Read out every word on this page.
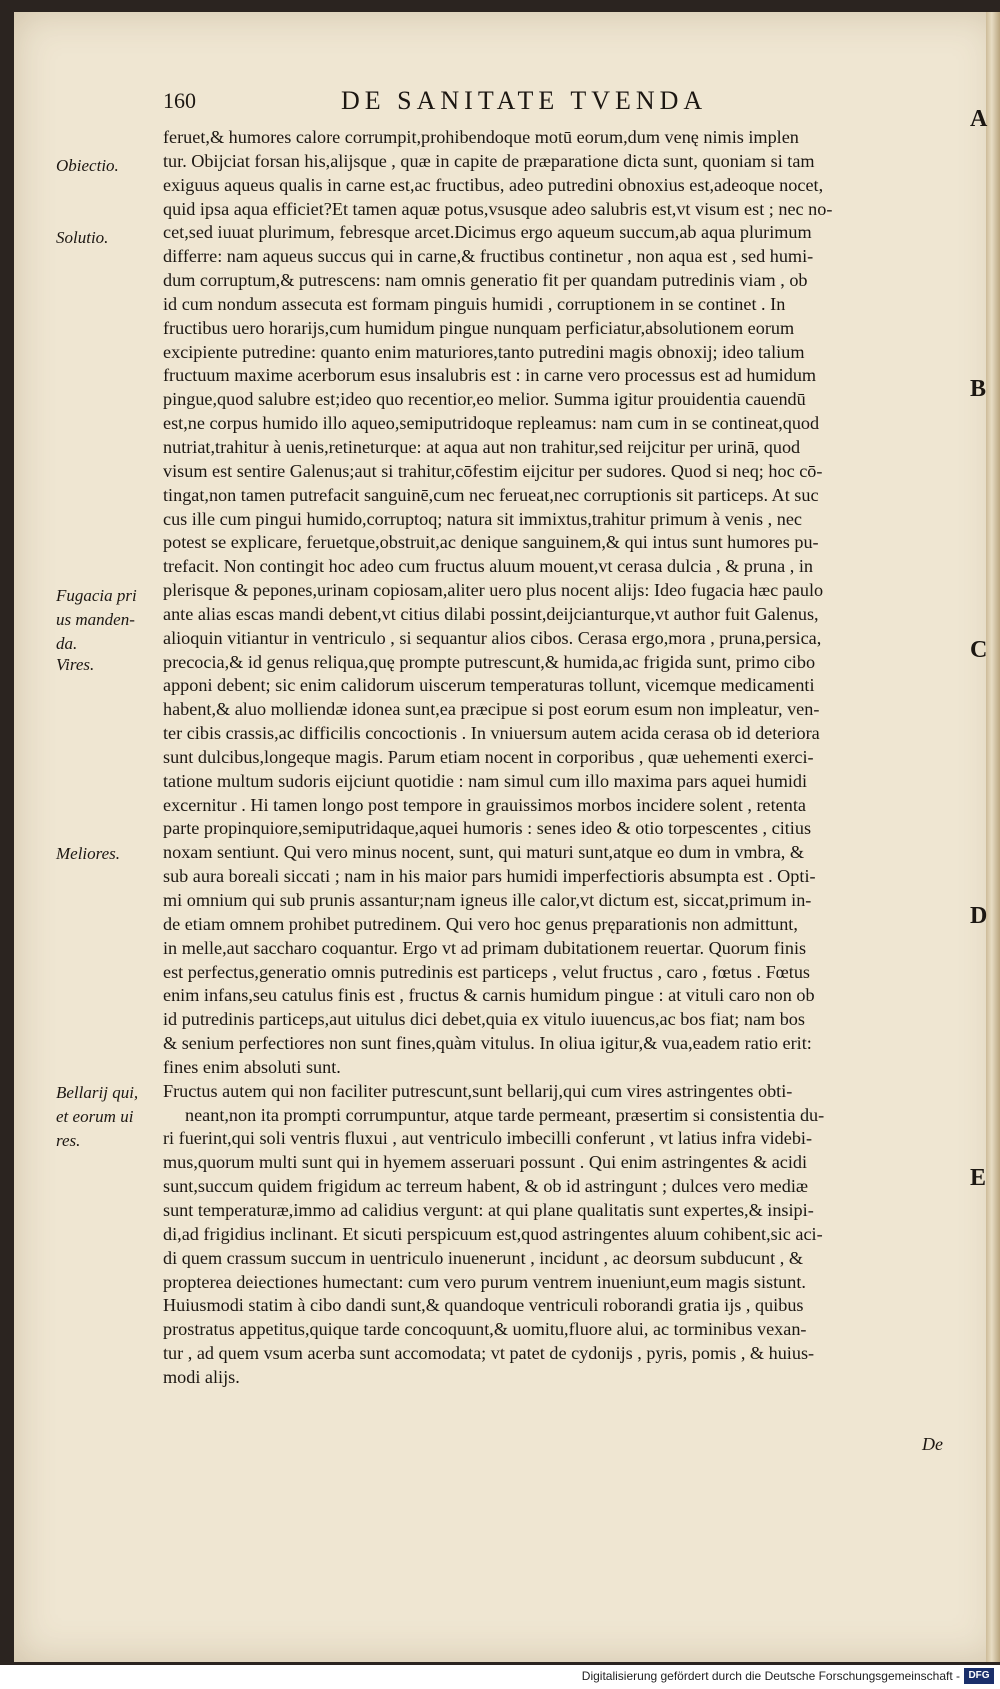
160	DE SANITATE TVENDA
A
B
C
D
E
Obiectio.
Solutio.
Fugacia pri
us manden-
da.
Vires.
Meliores.
Bellarij qui,
et eorum ui
res.
feruet,& humores calore corrumpit,prohibendoque motū eorum,dum venę nimis implen
tur. Obijciat forsan his,alijsque , quæ in capite de præparatione dicta sunt, quoniam si tam
exiguus aqueus qualis in carne est,ac fructibus, adeo putredini obnoxius est,adeoque nocet,
quid ipsa aqua efficiet?Et tamen aquæ potus,vsusque adeo salubris est,vt visum est ; nec no-
cet,sed iuuat plurimum, febresque arcet.Dicimus ergo aqueum succum,ab aqua plurimum
differre: nam aqueus succus qui in carne,& fructibus continetur , non aqua est , sed humi-
dum corruptum,& putrescens: nam omnis generatio fit per quandam putredinis viam , ob
id cum nondum assecuta est formam pinguis humidi , corruptionem in se continet . In
fructibus uero horarijs,cum humidum pingue nunquam perficiatur,absolutionem eorum
excipiente putredine: quanto enim maturiores,tanto putredini magis obnoxij; ideo talium
fructuum maxime acerborum esus insalubris est : in carne vero processus est ad humidum
pingue,quod salubre est;ideo quo recentior,eo melior. Summa igitur prouidentia cauendū
est,ne corpus humido illo aqueo,semiputridoque repleamus: nam cum in se contineat,quod
nutriat,trahitur à uenis,retineturque: at aqua aut non trahitur,sed reijcitur per urinā, quod
visum est sentire Galenus;aut si trahitur,cōfestim eijcitur per sudores. Quod si neq; hoc cō-
tingat,non tamen putrefacit sanguinē,cum nec ferueat,nec corruptionis sit particeps. At suc
cus ille cum pingui humido,corruptoq; natura sit immixtus,trahitur primum à venis , nec
potest se explicare, feruetque,obstruit,ac denique sanguinem,& qui intus sunt humores pu-
trefacit. Non contingit hoc adeo cum fructus aluum mouent,vt cerasa dulcia , & pruna , in
plerisque & pepones,urinam copiosam,aliter uero plus nocent alijs: Ideo fugacia hæc paulo
ante alias escas mandi debent,vt citius dilabi possint,deijcianturque,vt author fuit Galenus,
alioquin vitiantur in ventriculo , si sequantur alios cibos. Cerasa ergo,mora , pruna,persica,
precocia,& id genus reliqua,quę prompte putrescunt,& humida,ac frigida sunt, primo cibo
apponi debent; sic enim calidorum uiscerum temperaturas tollunt, vicemque medicamenti
habent,& aluo molliendæ idonea sunt,ea præcipue si post eorum esum non impleatur, ven-
ter cibis crassis,ac difficilis concoctionis . In vniuersum autem acida cerasa ob id deteriora
sunt dulcibus,longeque magis. Parum etiam nocent in corporibus , quæ uehementi exerci-
tatione multum sudoris eijciunt quotidie : nam simul cum illo maxima pars aquei humidi
excernitur . Hi tamen longo post tempore in grauissimos morbos incidere solent , retenta
parte propinquiore,semiputridaque,aquei humoris : senes ideo & otio torpescentes , citius
noxam sentiunt. Qui vero minus nocent, sunt, qui maturi sunt,atque eo dum in vmbra, &
sub aura boreali siccati ; nam in his maior pars humidi imperfectioris absumpta est . Opti-
mi omnium qui sub prunis assantur;nam igneus ille calor,vt dictum est, siccat,primum in-
de etiam omnem prohibet putredinem. Qui vero hoc genus pręparationis non admittunt,
in melle,aut saccharo coquantur. Ergo vt ad primam dubitationem reuertar. Quorum finis
est perfectus,generatio omnis putredinis est particeps , velut fructus , caro , fœtus . Fœtus
enim infans,seu catulus finis est , fructus & carnis humidum pingue : at vituli caro non ob
id putredinis particeps,aut uitulus dici debet,quia ex vitulo iuuencus,ac bos fiat; nam bos
& senium perfectiores non sunt fines,quàm vitulus. In oliua igitur,& vua,eadem ratio erit:
fines enim absoluti sunt.
Fructus autem qui non faciliter putrescunt,sunt bellarij,qui cum vires astringentes obti-
neant,non ita prompti corrumpuntur, atque tarde permeant, præsertim si consistentia du-
ri fuerint,qui soli ventris fluxui , aut ventriculo imbecilli conferunt , vt latius infra videbi-
mus,quorum multi sunt qui in hyemem asseruari possunt . Qui enim astringentes & acidi
sunt,succum quidem frigidum ac terreum habent, & ob id astringunt ; dulces vero mediæ
sunt temperaturæ,immo ad calidius vergunt: at qui plane qualitatis sunt expertes,& insipi-
di,ad frigidius inclinant. Et sicuti perspicuum est,quod astringentes aluum cohibent,sic aci-
di quem crassum succum in uentriculo inuenerunt , incidunt , ac deorsum subducunt , &
propterea deiectiones humectant: cum vero purum ventrem inueniunt,eum magis sistunt.
Huiusmodi statim à cibo dandi sunt,& quandoque ventriculi roborandi gratia ijs , quibus
prostratus appetitus,quique tarde concoquunt,& uomitu,fluore alui, ac torminibus vexan-
tur , ad quem vsum acerba sunt accomodata; vt patet de cydonijs , pyris, pomis , & huius-
modi alijs.
De
Digitalisierung gefördert durch die Deutsche Forschungsgemeinschaft - DFG
